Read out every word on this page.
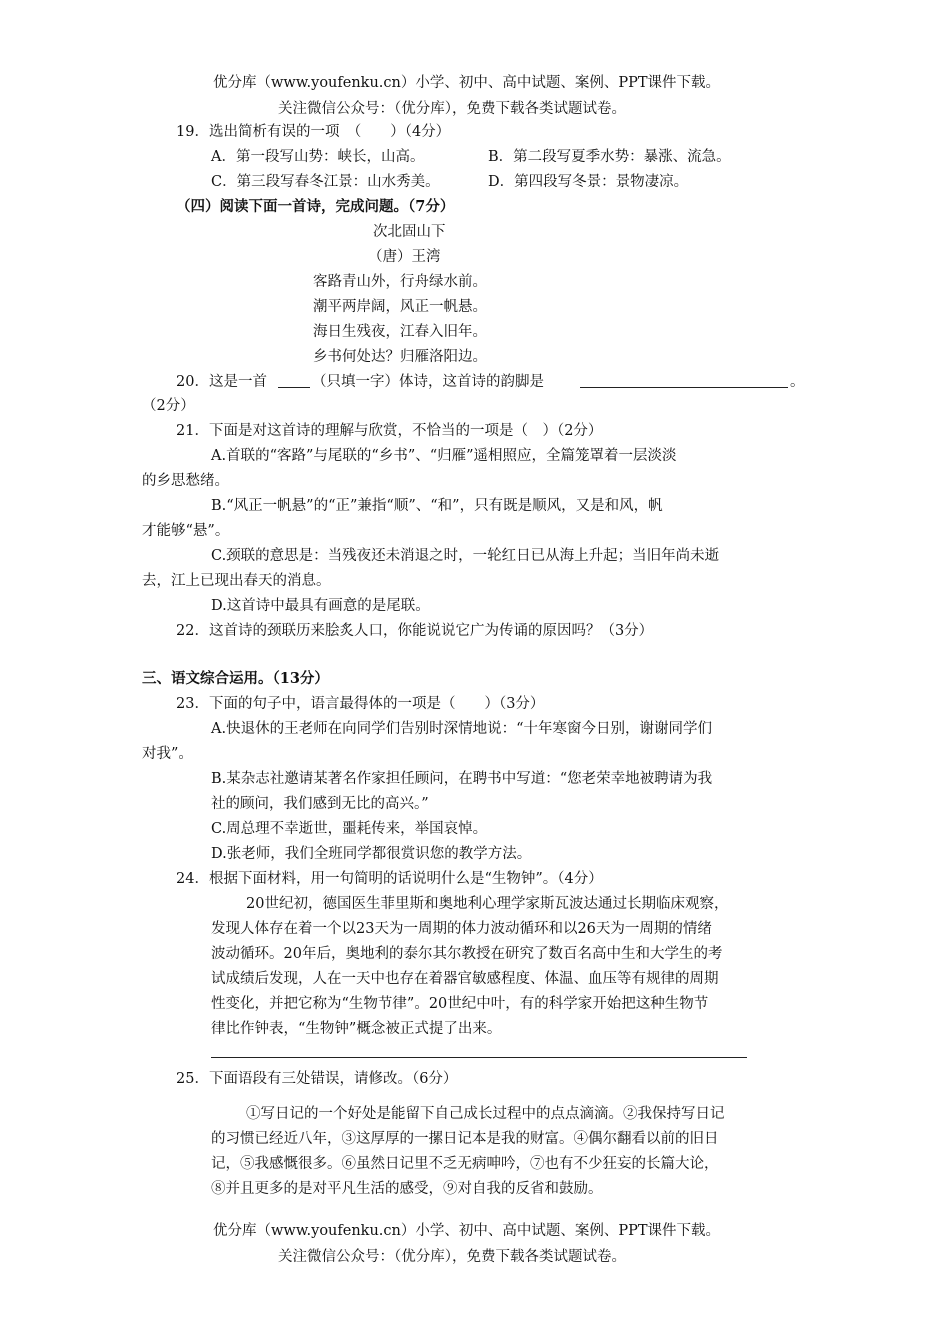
优分库（www.youfenku.cn）小学、初中、高中试题、案例、PPT课件下载。
关注微信公众号：（优分库），免费下载各类试题试卷。
19．选出简析有误的一项　（　　）（4分）
A．第一段写山势：峡长，山高。	B．第二段写夏季水势：暴涨、流急。
C．第三段写春冬江景：山水秀美。	D．第四段写冬景：景物凄凉。
（四）阅读下面一首诗，完成问题。（7分）
次北固山下
（唐）王湾
客路青山外，行舟绿水前。
潮平两岸阔，风正一帆悬。
海日生残夜，江春入旧年。
乡书何处达？归雁洛阳边。
20．这是一首	（只填一字）体诗，这首诗的韵脚是	。
（2分）
21．下面是对这首诗的理解与欣赏，不恰当的一项是（　）（2分）
A.首联的“客路”与尾联的“乡书”、“归雁”遥相照应，全篇笼罩着一层淡淡
的乡思愁绪。
B.“风正一帆悬”的“正”兼指“顺”、“和”，只有既是顺风，又是和风，帆
才能够“悬”。
C.颈联的意思是：当残夜还未消退之时，一轮红日已从海上升起；当旧年尚未逝
去，江上已现出春天的消息。
D.这首诗中最具有画意的是尾联。
22．这首诗的颈联历来脍炙人口，你能说说它广为传诵的原因吗？（3分）
三、语文综合运用。（13分）
23．下面的句子中，语言最得体的一项是（　　）（3分）
A.快退休的王老师在向同学们告别时深情地说：“十年寒窗今日别，谢谢同学们
对我”。
B.某杂志社邀请某著名作家担任顾问，在聘书中写道：“您老荣幸地被聘请为我
社的顾问，我们感到无比的高兴。”
C.周总理不幸逝世，噩耗传来，举国哀悼。
D.张老师，我们全班同学都很赏识您的教学方法。
24．根据下面材料，用一句简明的话说明什么是“生物钟”。（4分）
20世纪初，德国医生菲里斯和奥地利心理学家斯瓦波达通过长期临床观察，
发现人体存在着一个以23天为一周期的体力波动循环和以26天为一周期的情绪
波动循环。20年后，奥地利的泰尔其尔教授在研究了数百名高中生和大学生的考
试成绩后发现，人在一天中也存在着器官敏感程度、体温、血压等有规律的周期
性变化，并把它称为“生物节律”。20世纪中叶，有的科学家开始把这种生物节
律比作钟表，“生物钟”概念被正式提了出来。
25．下面语段有三处错误，请修改。（6分）
①写日记的一个好处是能留下自己成长过程中的点点滴滴。②我保持写日记
的习惯已经近八年，③这厚厚的一摞日记本是我的财富。④偶尔翻看以前的旧日
记，⑤我感慨很多。⑥虽然日记里不乏无病呻吟，⑦也有不少狂妄的长篇大论，
⑧并且更多的是对平凡生活的感受，⑨对自我的反省和鼓励。
优分库（www.youfenku.cn）小学、初中、高中试题、案例、PPT课件下载。
关注微信公众号：（优分库），免费下载各类试题试卷。
